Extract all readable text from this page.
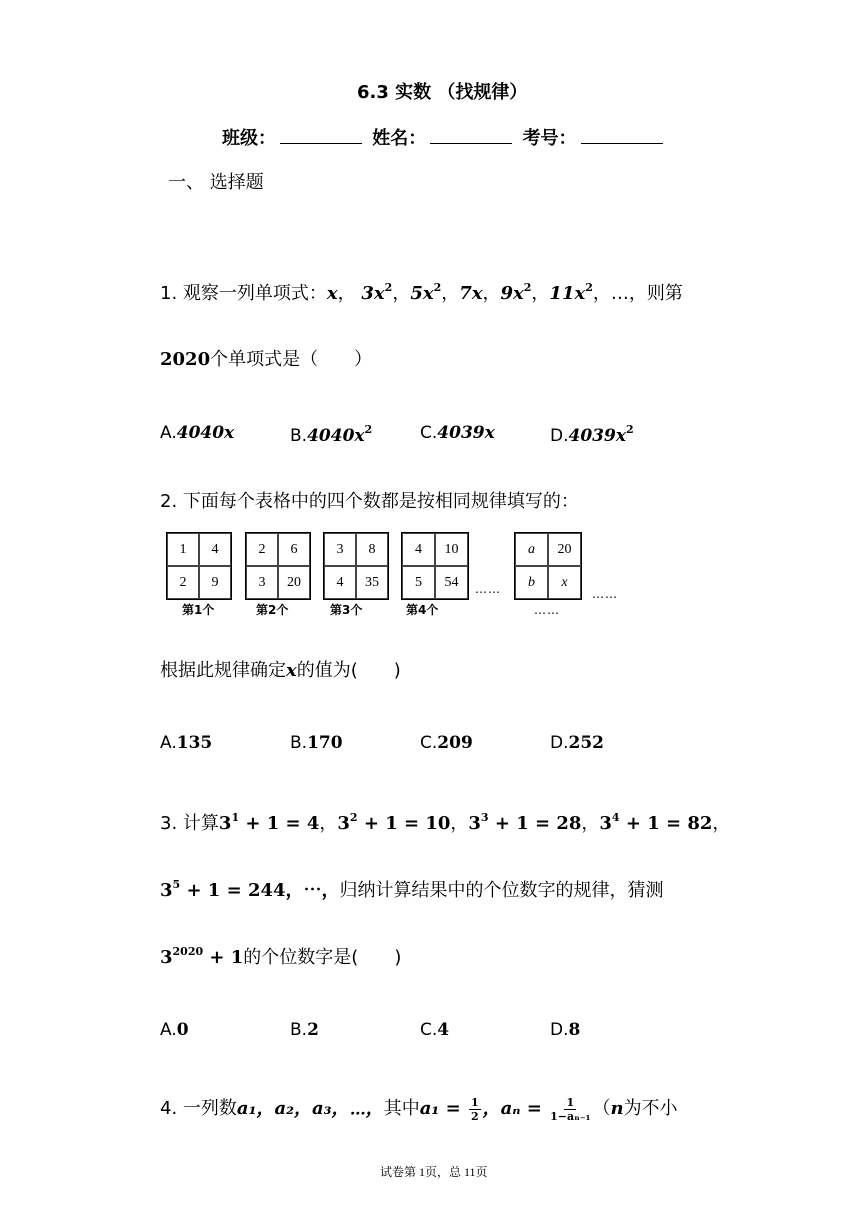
6.3 实数 （找规律）
班级：	姓名：	考号：
一、 选择题
1. 观察一列单项式：x， $3x^2$，$5x^2$，7x，$9x^2$，$11x^2$，…，则第
2020个单项式是（　　）
A.4040x	$B.4040x^2$	C.4039x	$D.4039x^2$
2. 下面每个表格中的四个数都是按相同规律填写的：
1	4
2	9
第1个
2	6
3	20
第2个
3	8
4	35
第3个
4	10
5	54
第4个
……
a	20
b	x
……
……
根据此规律确定x的值为(　　)
A.135	B.170	C.209	D.252
3. 计算$3^1 + 1 = 4$，$3^2 + 1 = 10$，$3^3 + 1 = 28$，$3^4 + 1 = 82$，
$3^5 + 1 = 244$，⋯，归纳计算结果中的个位数字的规律，猜测
$3^{2020} + 1$的个位数字是(　　)
A.0	B.2	C.4	D.8
4. 一列数a₁，a₂，a₃，⋯，其中$a_1 = \frac{1}{2}$ ，$a_n = \frac{1}{\text{1−aₙ₋₁}} (n$为不小
试卷第 1页，总 11页
